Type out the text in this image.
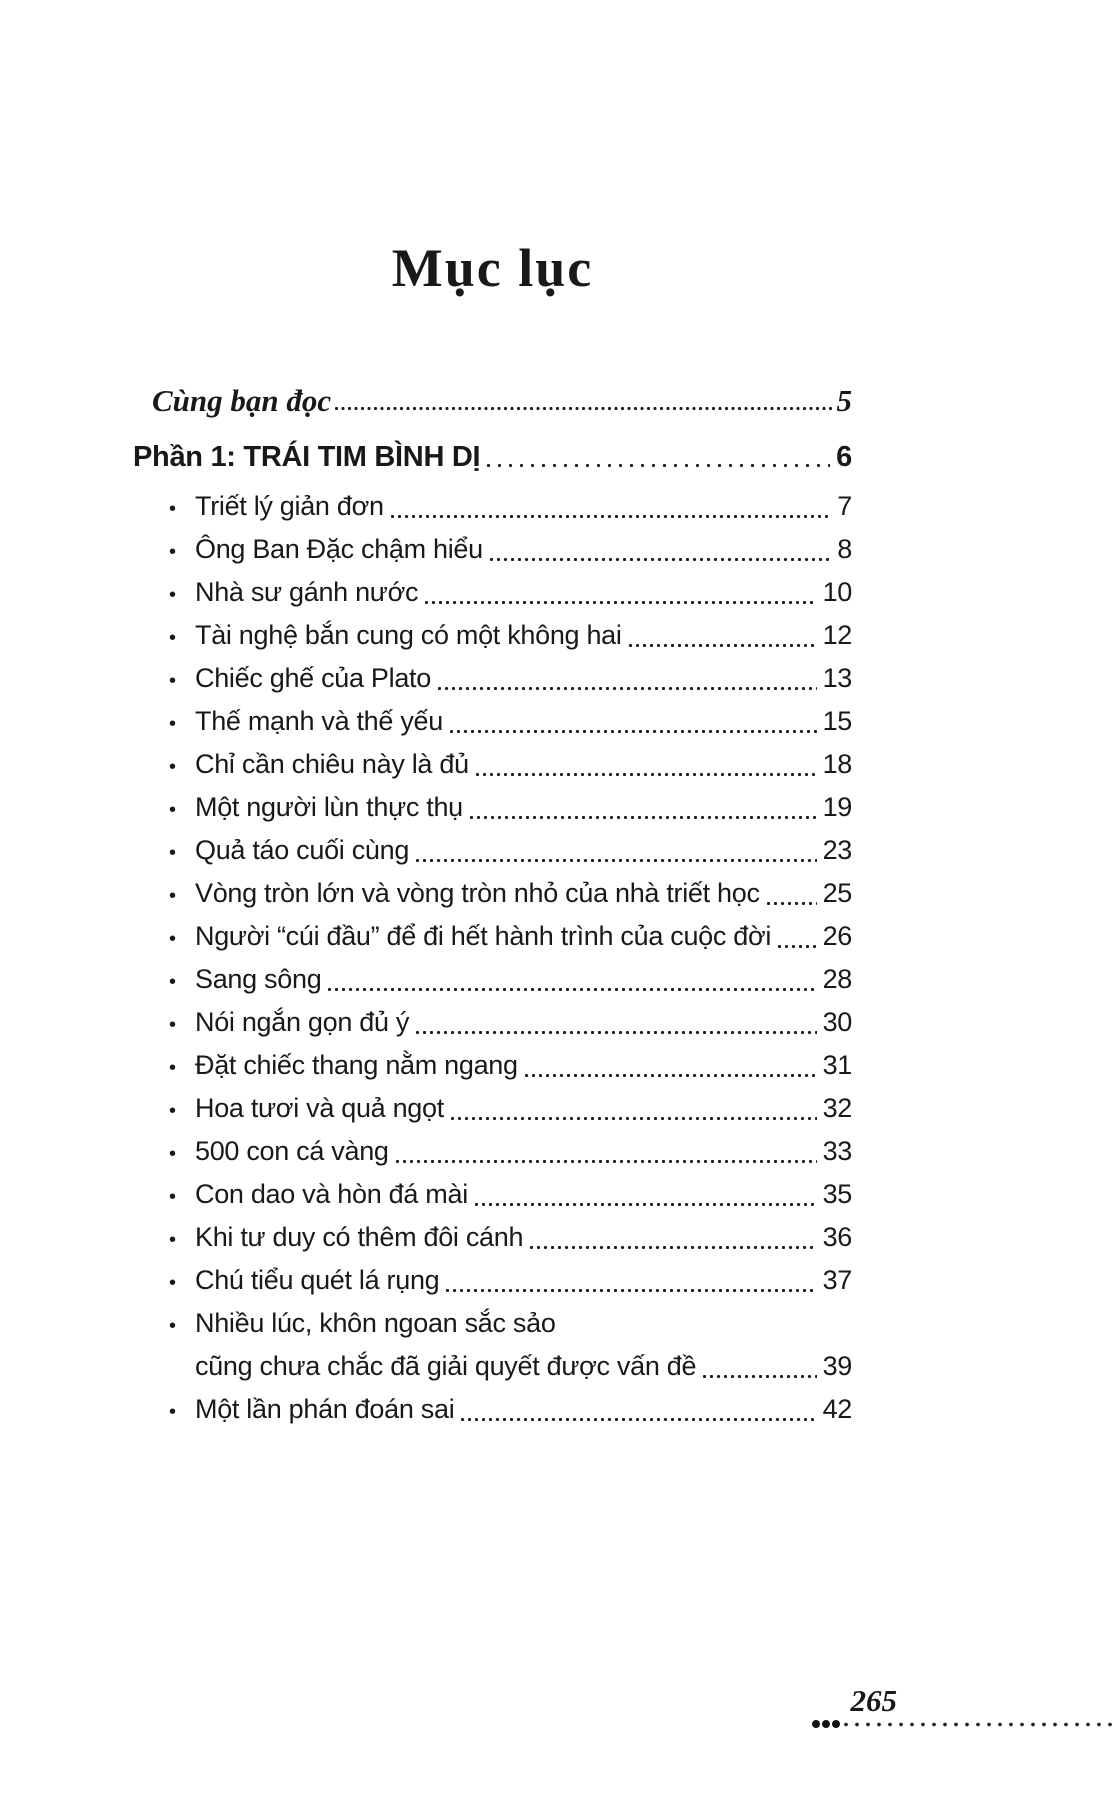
Mục lục
Cùng bạn đọc	5
Phần 1: TRÁI TIM BÌNH DỊ	6
• Triết lý giản đơn	7
• Ông Ban Đặc chậm hiểu	8
• Nhà sư gánh nước	10
• Tài nghệ bắn cung có một không hai	12
• Chiếc ghế của Plato	13
• Thế mạnh và thế yếu	15
• Chỉ cần chiêu này là đủ	18
• Một người lùn thực thụ	19
• Quả táo cuối cùng	23
• Vòng tròn lớn và vòng tròn nhỏ của nhà triết học 25
• Người “cúi đầu” để đi hết hành trình của cuộc đời 26
• Sang sông	28
• Nói ngắn gọn đủ ý	30
• Đặt chiếc thang nằm ngang	31
• Hoa tươi và quả ngọt	32
• 500 con cá vàng	33
• Con dao và hòn đá mài	35
• Khi tư duy có thêm đôi cánh	36
• Chú tiểu quét lá rụng	37
• Nhiều lúc, khôn ngoan sắc sảo
cũng chưa chắc đã giải quyết được vấn đề	39
• Một lần phán đoán sai	42
265
